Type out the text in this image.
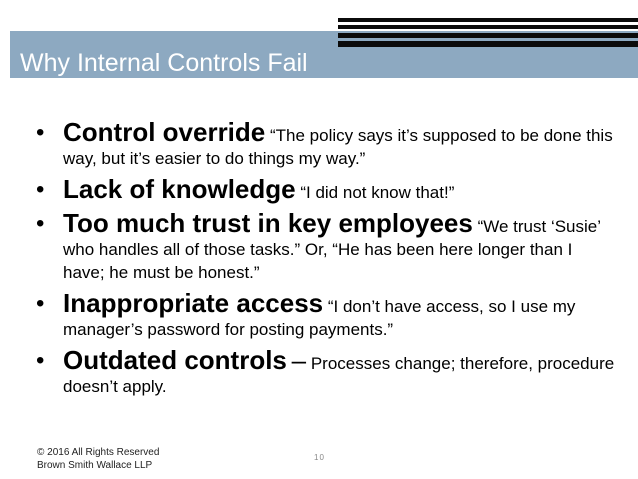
Why Internal Controls Fail
• Control override “The policy says it’s supposed to be done this way, but it’s easier to do things my way.”
• Lack of knowledge “I did not know that!”
• Too much trust in key employees “We trust ‘Susie’ who handles all of those tasks.” Or, “He has been here longer than I have; he must be honest.”
• Inappropriate access “I don’t have access, so I use my manager’s password for posting payments.”
• Outdated controls – Processes change; therefore, procedure doesn’t apply.
© 2016 All Rights Reserved
Brown Smith Wallace LLP
10
